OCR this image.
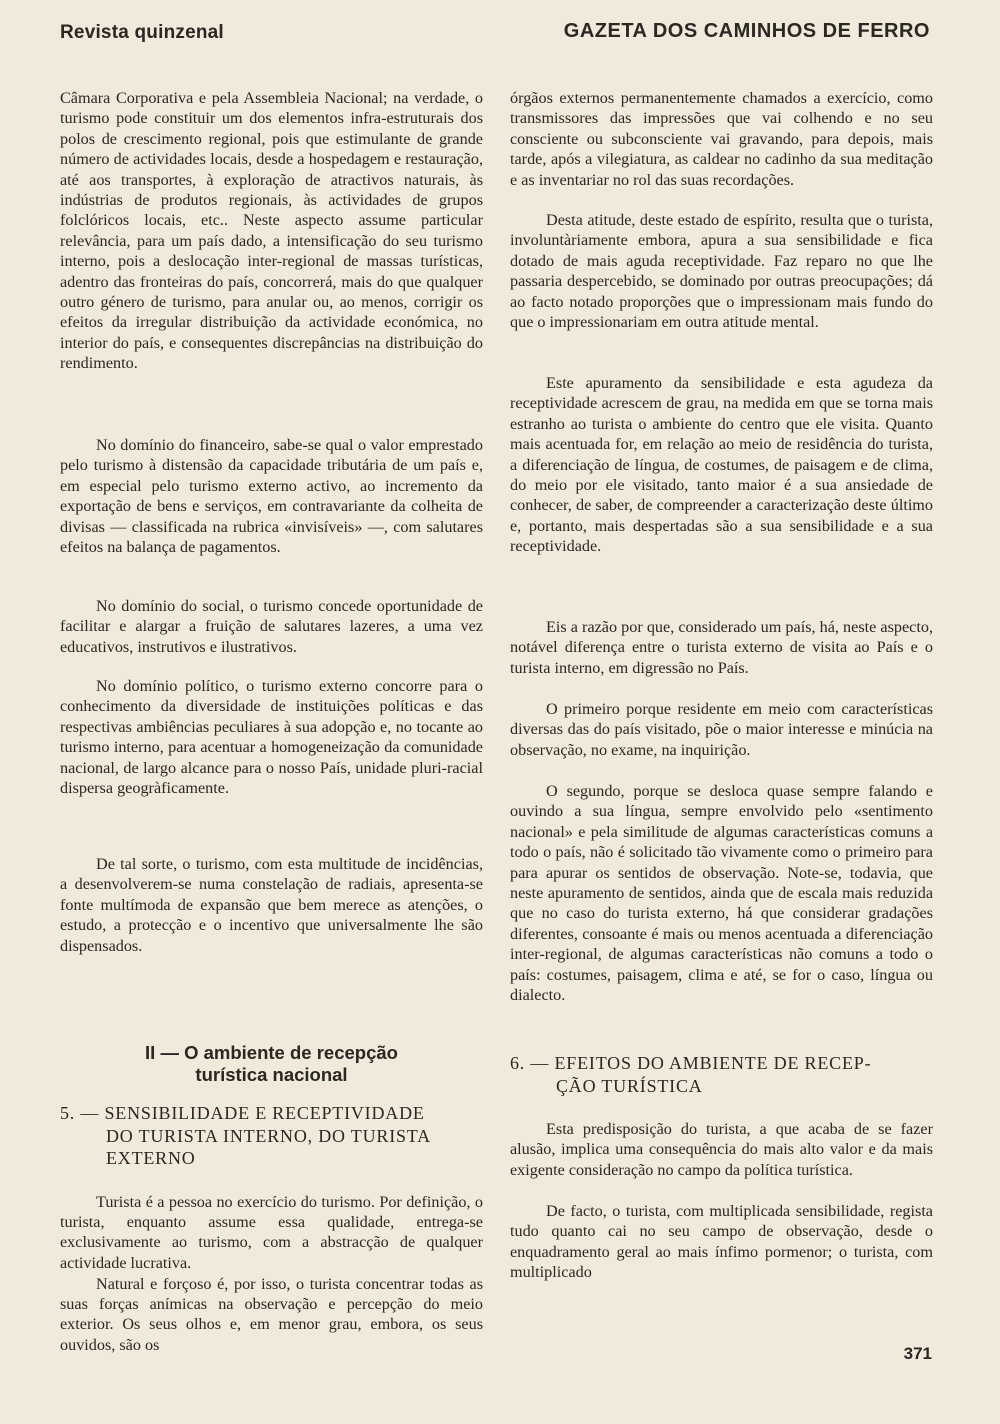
Revista quinzenal	GAZETA DOS CAMINHOS DE FERRO

Câmara Corporativa e pela Assembleia Nacional; na verdade, o turismo pode constituir um dos elementos infra-estruturais dos polos de crescimento regional, pois que estimulante de grande número de actividades locais, desde a hospedagem e restauração, até aos transportes, à exploração de atractivos naturais, às indústrias de produtos regionais, às actividades de grupos folclóricos locais, etc.. Neste aspecto assume particular relevância, para um país dado, a intensificação do seu turismo interno, pois a deslocação inter-regional de massas turísticas, adentro das fronteiras do país, concorrerá, mais do que qualquer outro género de turismo, para anular ou, ao menos, corrigir os efeitos da irregular distribuição da actividade económica, no interior do país, e consequentes discrepâncias na distribuição do rendimento.

No domínio do financeiro, sabe-se qual o valor emprestado pelo turismo à distensão da capacidade tributária de um país e, em especial pelo turismo externo activo, ao incremento da exportação de bens e serviços, em contravariante da colheita de divisas — classificada na rubrica «invisíveis» —, com salutares efeitos na balança de pagamentos.

No domínio do social, o turismo concede oportunidade de facilitar e alargar a fruição de salutares lazeres, a uma vez educativos, instrutivos e ilustrativos.

No domínio político, o turismo externo concorre para o conhecimento da diversidade de instituições políticas e das respectivas ambiências peculiares à sua adopção e, no tocante ao turismo interno, para acentuar a homogeneização da comunidade nacional, de largo alcance para o nosso País, unidade pluri-racial dispersa geogràficamente.

De tal sorte, o turismo, com esta multitude de incidências, a desenvolverem-se numa constelação de radiais, apresenta-se fonte multímoda de expansão que bem merece as atenções, o estudo, a protecção e o incentivo que universalmente lhe são dispensados.

II — O ambiente de recepção
turística nacional

5. — SENSIBILIDADE E RECEPTIVIDADE
DO TURISTA INTERNO, DO TURISTA
EXTERNO

Turista é a pessoa no exercício do turismo. Por definição, o turista, enquanto assume essa qualidade, entrega-se exclusivamente ao turismo, com a abstracção de qualquer actividade lucrativa.

Natural e forçoso é, por isso, o turista concentrar todas as suas forças anímicas na observação e percepção do meio exterior. Os seus olhos e, em menor grau, embora, os seus ouvidos, são os

órgãos externos permanentemente chamados a exercício, como transmissores das impressões que vai colhendo e no seu consciente ou subconsciente vai gravando, para depois, mais tarde, após a vilegiatura, as caldear no cadinho da sua meditação e as inventariar no rol das suas recordações.

Desta atitude, deste estado de espírito, resulta que o turista, involuntàriamente embora, apura a sua sensibilidade e fica dotado de mais aguda receptividade. Faz reparo no que lhe passaria despercebido, se dominado por outras preocupações; dá ao facto notado proporções que o impressionam mais fundo do que o impressionariam em outra atitude mental.

Este apuramento da sensibilidade e esta agudeza da receptividade acrescem de grau, na medida em que se torna mais estranho ao turista o ambiente do centro que ele visita. Quanto mais acentuada for, em relação ao meio de residência do turista, a diferenciação de língua, de costumes, de paisagem e de clima, do meio por ele visitado, tanto maior é a sua ansiedade de conhecer, de saber, de compreender a caracterização deste último e, portanto, mais despertadas são a sua sensibilidade e a sua receptividade.

Eis a razão por que, considerado um país, há, neste aspecto, notável diferença entre o turista externo de visita ao País e o turista interno, em digressão no País.

O primeiro porque residente em meio com características diversas das do país visitado, põe o maior interesse e minúcia na observação, no exame, na inquirição.

O segundo, porque se desloca quase sempre falando e ouvindo a sua língua, sempre envolvido pelo «sentimento nacional» e pela similitude de algumas características comuns a todo o país, não é solicitado tão vivamente como o primeiro para para apurar os sentidos de observação. Note-se, todavia, que neste apuramento de sentidos, ainda que de escala mais reduzida que no caso do turista externo, há que considerar gradações diferentes, consoante é mais ou menos acentuada a diferenciação inter-regional, de algumas características não comuns a todo o país: costumes, paisagem, clima e até, se for o caso, língua ou dialecto.

6. — EFEITOS DO AMBIENTE DE RECEP-
ÇÃO TURÍSTICA

Esta predisposição do turista, a que acaba de se fazer alusão, implica uma consequência do mais alto valor e da mais exigente consideração no campo da política turística.

De facto, o turista, com multiplicada sensibilidade, regista tudo quanto cai no seu campo de observação, desde o enquadramento geral ao mais ínfimo pormenor; o turista, com multiplicado

371
